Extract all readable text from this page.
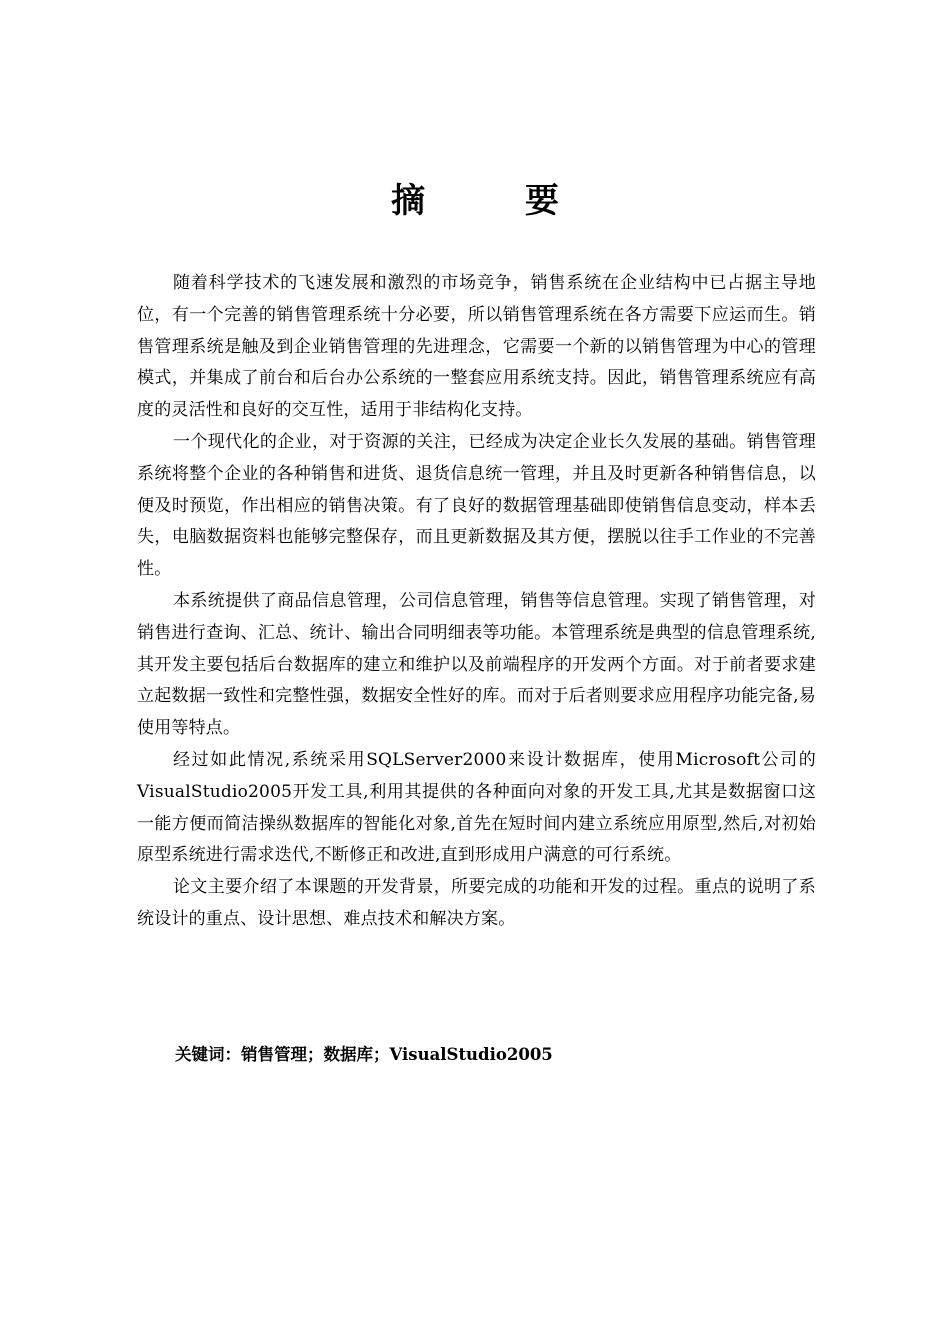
摘 要

随着科学技术的飞速发展和激烈的市场竞争，销售系统在企业结构中已占据主导地位，有一个完善的销售管理系统十分必要，所以销售管理系统在各方需要下应运而生。销售管理系统是触及到企业销售管理的先进理念，它需要一个新的以销售管理为中心的管理模式，并集成了前台和后台办公系统的一整套应用系统支持。因此，销售管理系统应有高度的灵活性和良好的交互性，适用于非结构化支持。

一个现代化的企业，对于资源的关注，已经成为决定企业长久发展的基础。销售管理系统将整个企业的各种销售和进货、退货信息统一管理，并且及时更新各种销售信息，以便及时预览，作出相应的销售决策。有了良好的数据管理基础即使销售信息变动，样本丢失，电脑数据资料也能够完整保存，而且更新数据及其方便，摆脱以往手工作业的不完善性。

本系统提供了商品信息管理，公司信息管理，销售等信息管理。实现了销售管理，对销售进行查询、汇总、统计、输出合同明细表等功能。本管理系统是典型的信息管理系统,其开发主要包括后台数据库的建立和维护以及前端程序的开发两个方面。对于前者要求建立起数据一致性和完整性强，数据安全性好的库。而对于后者则要求应用程序功能完备,易使用等特点。

经过如此情况,系统采用SQLServer2000来设计数据库，使用Microsoft公司的VisualStudio2005开发工具,利用其提供的各种面向对象的开发工具,尤其是数据窗口这一能方便而简洁操纵数据库的智能化对象,首先在短时间内建立系统应用原型,然后,对初始原型系统进行需求迭代,不断修正和改进,直到形成用户满意的可行系统。

论文主要介绍了本课题的开发背景，所要完成的功能和开发的过程。重点的说明了系统设计的重点、设计思想、难点技术和解决方案。

关键词：销售管理；数据库；VisualStudio2005
